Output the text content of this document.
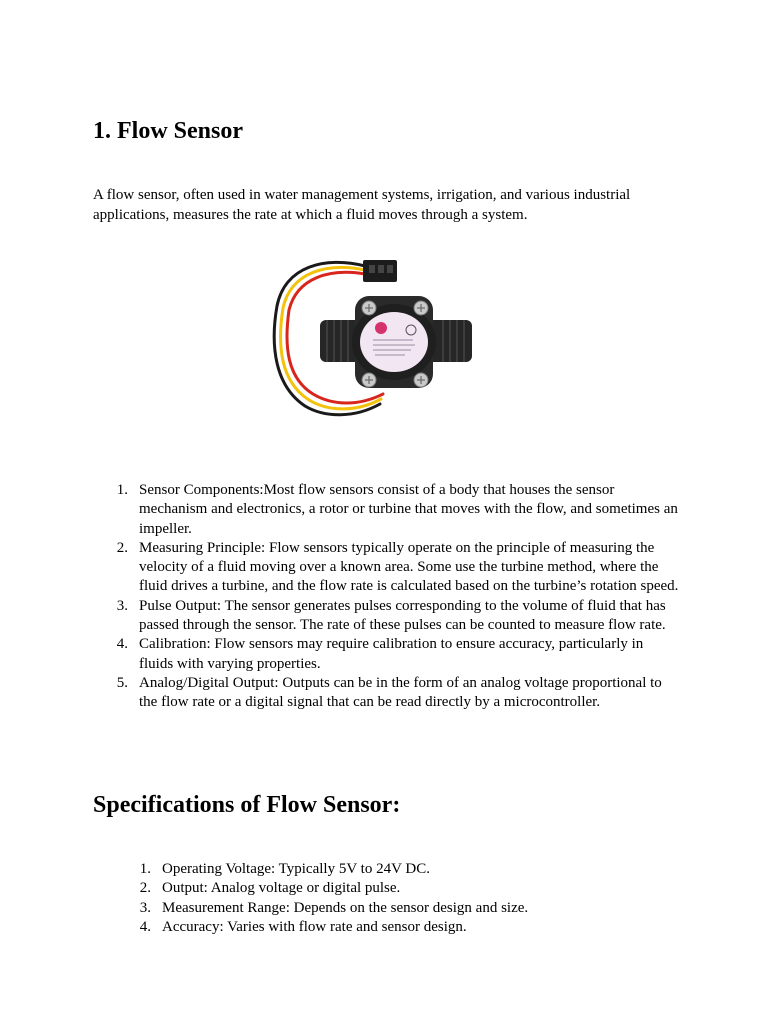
1. Flow Sensor

A flow sensor, often used in water management systems, irrigation, and various industrial applications, measures the rate at which a fluid moves through a system.

1. Sensor Components:Most flow sensors consist of a body that houses the sensor mechanism and electronics, a rotor or turbine that moves with the flow, and sometimes an impeller.
2. Measuring Principle: Flow sensors typically operate on the principle of measuring the velocity of a fluid moving over a known area. Some use the turbine method, where the fluid drives a turbine, and the flow rate is calculated based on the turbine’s rotation speed.
3. Pulse Output: The sensor generates pulses corresponding to the volume of fluid that has passed through the sensor. The rate of these pulses can be counted to measure flow rate.
4. Calibration: Flow sensors may require calibration to ensure accuracy, particularly in fluids with varying properties.
5. Analog/Digital Output: Outputs can be in the form of an analog voltage proportional to the flow rate or a digital signal that can be read directly by a microcontroller.
Specifications of Flow Sensor:
1. Operating Voltage: Typically 5V to 24V DC.
2. Output: Analog voltage or digital pulse.
3. Measurement Range: Depends on the sensor design and size.
4. Accuracy: Varies with flow rate and sensor design.
